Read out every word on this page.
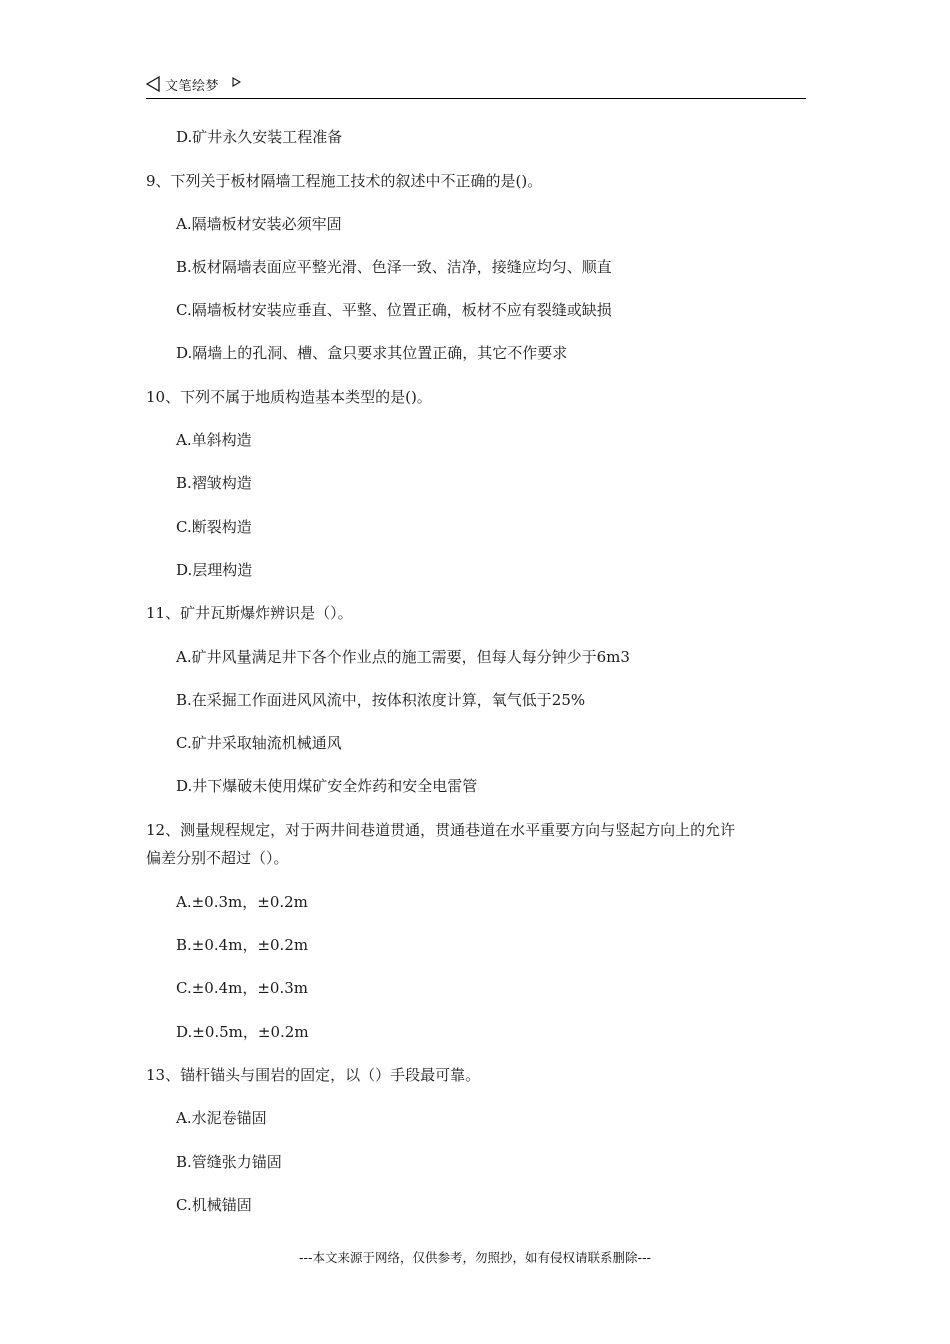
文笔绘梦
D.矿井永久安装工程准备
9、下列关于板材隔墙工程施工技术的叙述中不正确的是()。
A.隔墙板材安装必须牢固
B.板材隔墙表面应平整光滑、色泽一致、洁净，接缝应均匀、顺直
C.隔墙板材安装应垂直、平整、位置正确，板材不应有裂缝或缺损
D.隔墙上的孔洞、槽、盒只要求其位置正确，其它不作要求
10、下列不属于地质构造基本类型的是()。
A.单斜构造
B.褶皱构造
C.断裂构造
D.层理构造
11、矿井瓦斯爆炸辨识是（）。
A.矿井风量满足井下各个作业点的施工需要，但每人每分钟少于6m3
B.在采掘工作面进风风流中，按体积浓度计算，氧气低于25%
C.矿井采取轴流机械通风
D.井下爆破未使用煤矿安全炸药和安全电雷管
12、测量规程规定，对于两井间巷道贯通，贯通巷道在水平重要方向与竖起方向上的允许
偏差分别不超过（）。
A.±0.3m，±0.2m
B.±0.4m，±0.2m
C.±0.4m，±0.3m
D.±0.5m，±0.2m
13、锚杆锚头与围岩的固定，以（）手段最可靠。
A.水泥卷锚固
B.管缝张力锚固
C.机械锚固
---本文来源于网络，仅供参考，勿照抄，如有侵权请联系删除---
